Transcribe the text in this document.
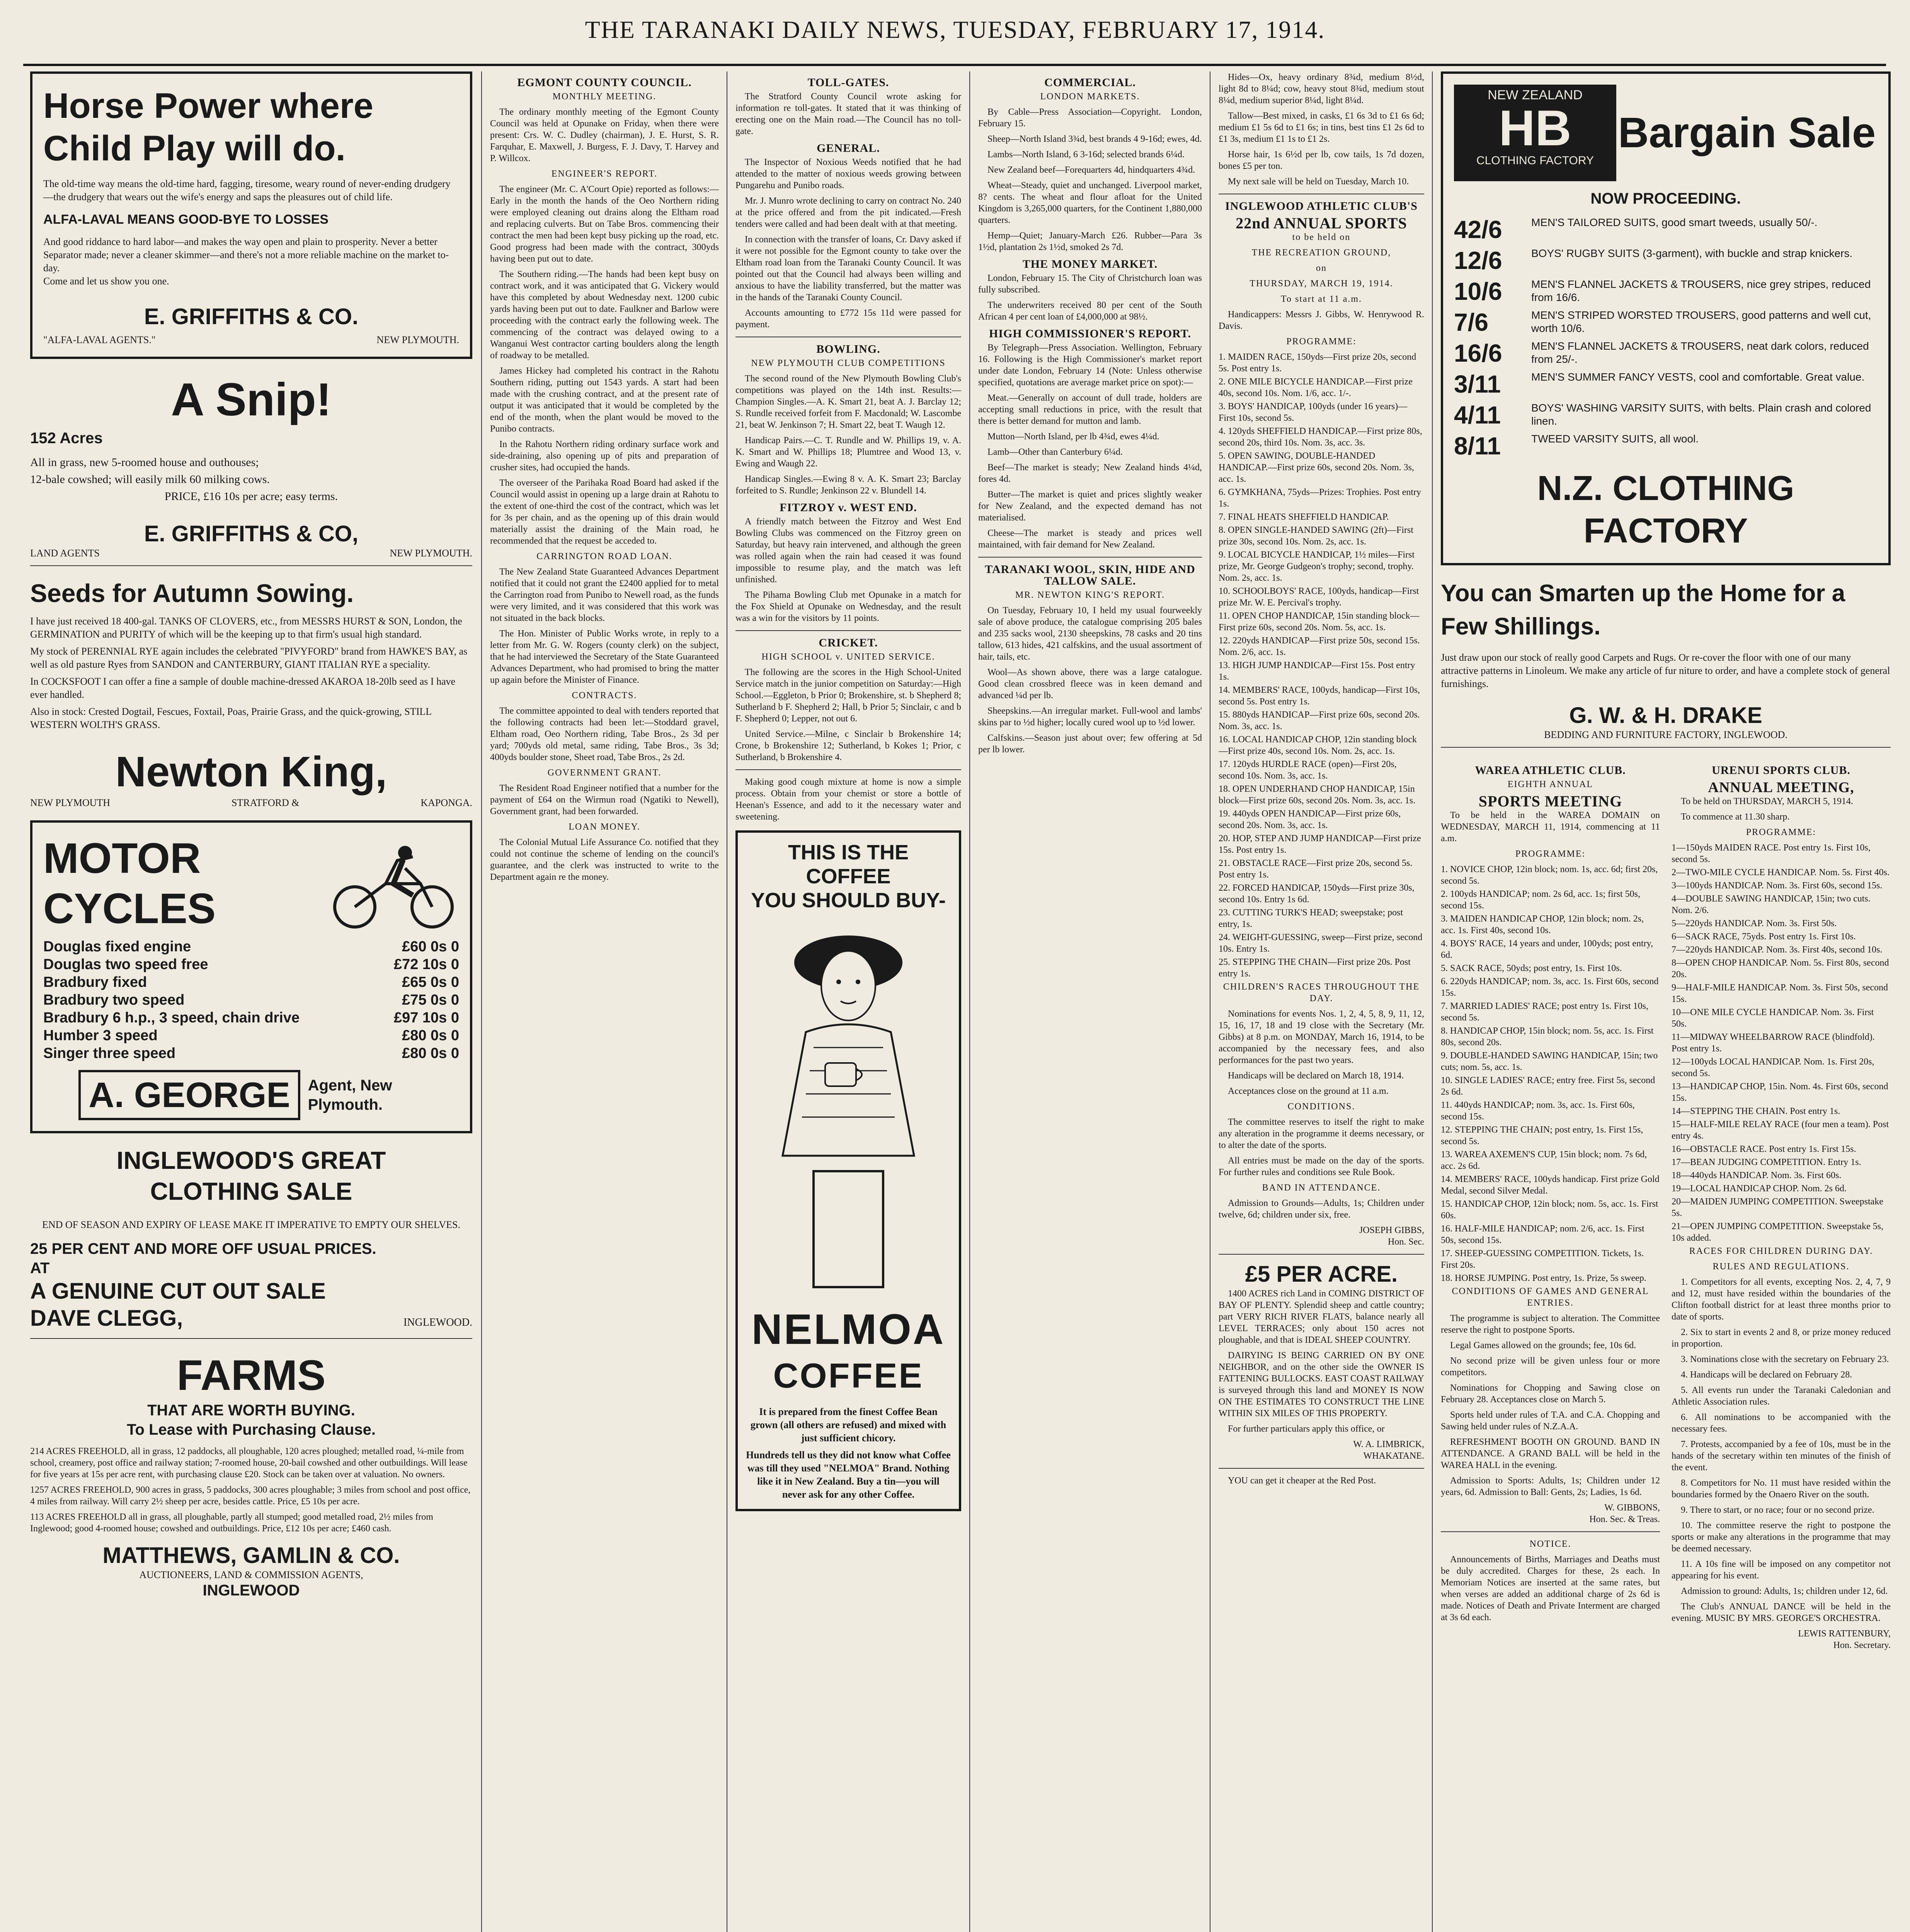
THE TARANAKI DAILY NEWS, TUESDAY, FEBRUARY 17, 1914.
Horse Power where Child Play will do.
The old-time way means the old-time hard, fagging, tiresome, weary round of never-ending drudgery—the drudgery that wears out the wife's energy and saps the pleasures out of child life.
ALFA-LAVAL MEANS GOOD-BYE TO LOSSES
And good riddance to hard labor—and makes the way open and plain to prosperity. Never a better Separator made; never a cleaner skimmer—and there's not a more reliable machine on the market to-day.
Come and let us show you one.
E. GRIFFITHS & CO.
"ALFA-LAVAL AGENTS."	NEW PLYMOUTH.
A Snip!
152 Acres
All in grass, new 5-roomed house and outhouses;
12-bale cowshed; will easily milk 60 milking cows.
PRICE, £16 10s per acre; easy terms.
E. GRIFFITHS & CO,
LAND AGENTS	NEW PLYMOUTH.
Seeds for Autumn Sowing.
I have just received 18 400-gal. TANKS OF CLOVERS, etc., from MESSRS HURST & SON, London, the GERMINATION and PURITY of which will be the keeping up to that firm's usual high standard.
My stock of PERENNIAL RYE again includes the celebrated "PIVYFORD" brand from HAWKE'S BAY, as well as old pasture Ryes from SANDON and CANTERBURY, GIANT ITALIAN RYE a speciality.
In COCKSFOOT I can offer a fine a sample of double machine-dressed AKAROA 18-20lb seed as I have ever handled.
Also in stock: Crested Dogtail, Fescues, Foxtail, Poas, Prairie Grass, and the quick-growing, STILL WESTERN WOLTH'S GRASS.
Newton King,
NEW PLYMOUTH	STRATFORD &	KAPONGA.
MOTOR CYCLES
Douglas fixed engine	£60 0s 0
Douglas two speed free	£72 10s 0
Bradbury fixed	£65 0s 0
Bradbury two speed	£75 0s 0
Bradbury 6 h.p., 3 speed, chain drive	£97 10s 0
Humber 3 speed	£80 0s 0
Singer three speed	£80 0s 0
A. GEORGE	Agent, New Plymouth.
INGLEWOOD'S GREAT
CLOTHING SALE
END OF SEASON AND EXPIRY OF LEASE MAKE IT IMPERATIVE TO EMPTY OUR SHELVES.
25 PER CENT AND MORE OFF USUAL PRICES.
AT
A GENUINE CUT OUT SALE
DAVE CLEGG,	INGLEWOOD.
FARMS
THAT ARE WORTH BUYING.
To Lease with Purchasing Clause.
214 ACRES FREEHOLD, all in grass, 12 paddocks, all ploughable, 120 acres ploughed; metalled road, ¼-mile from school, creamery, post office and railway station; 7-roomed house, 20-bail cowshed and other outbuildings. Will lease for five years at 15s per acre rent, with purchasing clause £20. Stock can be taken over at valuation. No owners.
1257 ACRES FREEHOLD, 900 acres in grass, 5 paddocks, 300 acres ploughable; 3 miles from school and post office, 4 miles from railway. Will carry 2½ sheep per acre, besides cattle. Price, £5 10s per acre.
113 ACRES FREEHOLD all in grass, all ploughable, partly all stumped; good metalled road, 2½ miles from Inglewood; good 4-roomed house; cowshed and outbuildings. Price, £12 10s per acre; £460 cash.
MATTHEWS, GAMLIN & CO.
AUCTIONEERS, LAND & COMMISSION AGENTS,
INGLEWOOD
EGMONT COUNTY COUNCIL.
MONTHLY MEETING.
The ordinary monthly meeting of the Egmont County Council was held at Opunake on Friday, when there were present: Crs. W. C. Dudley (chairman), J. E. Hurst, S. R. Farquhar, E. Maxwell, J. Burgess, F. J. Davy, T. Harvey and P. Willcox.
ENGINEER'S REPORT.
The engineer (Mr. C. A'Court Opie) reported as follows:—Early in the month the hands of the Oeo Northern riding were employed cleaning out drains along the Eltham road and replacing culverts. But on Tabe Bros. commencing their contract the men had been kept busy picking up the road, etc. Good progress had been made with the contract, 300yds having been put out to date.
The Southern riding.—The hands had been kept busy on contract work, and it was anticipated that G. Vickery would have this completed by about Wednesday next. 1200 cubic yards having been put out to date. Faulkner and Barlow were proceeding with the contract early the following week. The commencing of the contract was delayed owing to a Wanganui West contractor carting boulders along the length of roadway to be metalled.
James Hickey had completed his contract in the Rahotu Southern riding, putting out 1543 yards. A start had been made with the crushing contract, and at the present rate of output it was anticipated that it would be completed by the end of the month, when the plant would be moved to the Punibo contracts.
In the Rahotu Northern riding ordinary surface work and side-draining, also opening up of pits and preparation of crusher sites, had occupied the hands.
The overseer of the Parihaka Road Board had asked if the Council would assist in opening up a large drain at Rahotu to the extent of one-third the cost of the contract, which was let for 3s per chain, and as the opening up of this drain would materially assist the draining of the Main road, he recommended that the request be acceded to.
CARRINGTON ROAD LOAN.
The New Zealand State Guaranteed Advances Department notified that it could not grant the £2400 applied for to metal the Carrington road from Punibo to Newell road, as the funds were very limited, and it was considered that this work was not situated in the back blocks.
The Hon. Minister of Public Works wrote, in reply to a letter from Mr. G. W. Rogers (county clerk) on the subject, that he had interviewed the Secretary of the State Guaranteed Advances Department, who had promised to bring the matter up again before the Minister of Finance.
CONTRACTS.
The committee appointed to deal with tenders reported that the following contracts had been let:—Stoddard gravel, Eltham road, Oeo Northern riding, Tabe Bros., 2s 3d per yard; 700yds old metal, same riding, Tabe Bros., 3s 3d; 400yds boulder stone, Sheet road, Tabe Bros., 2s 2d.
GOVERNMENT GRANT.
The Resident Road Engineer notified that a number for the payment of £64 on the Wirmun road (Ngatiki to Newell), Government grant, had been forwarded.
LOAN MONEY.
The Colonial Mutual Life Assurance Co. notified that they could not continue the scheme of lending on the council's guarantee, and the clerk was instructed to write to the Department again re the money.
TOLL-GATES.
The Stratford County Council wrote asking for information re toll-gates. It stated that it was thinking of erecting one on the Main road.—The Council has no toll-gate.
GENERAL.
The Inspector of Noxious Weeds notified that he had attended to the matter of noxious weeds growing between Pungarehu and Punibo roads.
Mr. J. Munro wrote declining to carry on contract No. 240 at the price offered and from the pit indicated.—Fresh tenders were called and had been dealt with at that meeting.
In connection with the transfer of loans, Cr. Davy asked if it were not possible for the Egmont county to take over the Eltham road loan from the Taranaki County Council. It was pointed out that the Council had always been willing and anxious to have the liability transferred, but the matter was in the hands of the Taranaki County Council.
Accounts amounting to £772 15s 11d were passed for payment.
BOWLING.
NEW PLYMOUTH CLUB COMPETITIONS
The second round of the New Plymouth Bowling Club's competitions was played on the 14th inst. Results:—Champion Singles.—A. K. Smart 21, beat A. J. Barclay 12; S. Rundle received forfeit from F. Macdonald; W. Lascombe 21, beat W. Jenkinson 7; H. Smart 22, beat T. Waugh 12.
Handicap Pairs.—C. T. Rundle and W. Phillips 19, v. A. K. Smart and W. Phillips 18; Plumtree and Wood 13, v. Ewing and Waugh 22.
Handicap Singles.—Ewing 8 v. A. K. Smart 23; Barclay forfeited to S. Rundle; Jenkinson 22 v. Blundell 14.
FITZROY v. WEST END.
A friendly match between the Fitzroy and West End Bowling Clubs was commenced on the Fitzroy green on Saturday, but heavy rain intervened, and although the green was rolled again when the rain had ceased it was found impossible to resume play, and the match was left unfinished.
The Pihama Bowling Club met Opunake in a match for the Fox Shield at Opunake on Wednesday, and the result was a win for the visitors by 11 points.
CRICKET.
HIGH SCHOOL v. UNITED SERVICE.
The following are the scores in the High School-United Service match in the junior competition on Saturday:—High School.—Eggleton, b Prior 0; Brokenshire, st. b Shepherd 8; Sutherland b F. Shepherd 2; Hall, b Prior 5; Sinclair, c and b F. Shepherd 0; Lepper, not out 6.
United Service.—Milne, c Sinclair b Brokenshire 14; Crone, b Brokenshire 12; Sutherland, b Kokes 1; Prior, c Sutherland, b Brokenshire 4.
Making good cough mixture at home is now a simple process. Obtain from your chemist or store a bottle of Heenan's Essence, and add to it the necessary water and sweetening.
THIS IS THE COFFEE
YOU SHOULD BUY-
NELMOA
COFFEE
It is prepared from the finest Coffee Bean grown (all others are refused) and mixed with just sufficient chicory.
Hundreds tell us they did not know what Coffee was till they used "NELMOA" Brand. Nothing like it in New Zealand. Buy a tin—you will never ask for any other Coffee.
COMMERCIAL.
LONDON MARKETS.
By Cable—Press Association—Copyright. London, February 15.
Sheep—North Island 3¾d, best brands 4 9-16d; ewes, 4d.
Lambs—North Island, 6 3-16d; selected brands 6¼d.
New Zealand beef—Forequarters 4d, hindquarters 4¾d.
Wheat—Steady, quiet and unchanged. Liverpool market, 8? cents. The wheat and flour afloat for the United Kingdom is 3,265,000 quarters, for the Continent 1,880,000 quarters.
Hemp—Quiet; January-March £26. Rubber—Para 3s 1½d, plantation 2s 1½d, smoked 2s 7d.
THE MONEY MARKET.
London, February 15. The City of Christchurch loan was fully subscribed.
The underwriters received 80 per cent of the South African 4 per cent loan of £4,000,000 at 98½.
HIGH COMMISSIONER'S REPORT.
By Telegraph—Press Association. Wellington, February 16. Following is the High Commissioner's market report under date London, February 14 (Note: Unless otherwise specified, quotations are average market price on spot):—
Meat.—Generally on account of dull trade, holders are accepting small reductions in price, with the result that there is better demand for mutton and lamb.
Mutton—North Island, per lb 4¾d, ewes 4¼d.
Lamb—Other than Canterbury 6¼d.
Beef—The market is steady; New Zealand hinds 4¼d, fores 4d.
Butter—The market is quiet and prices slightly weaker for New Zealand, and the expected demand has not materialised.
Cheese—The market is steady and prices well maintained, with fair demand for New Zealand.
TARANAKI WOOL, SKIN, HIDE AND TALLOW SALE.
MR. NEWTON KING'S REPORT.
On Tuesday, February 10, I held my usual fourweekly sale of above produce, the catalogue comprising 205 bales and 235 sacks wool, 2130 sheepskins, 78 casks and 20 tins tallow, 613 hides, 421 calfskins, and the usual assortment of hair, tails, etc.
Wool—As shown above, there was a large catalogue. Good clean crossbred fleece was in keen demand and advanced ¼d per lb.
Sheepskins.—An irregular market. Full-wool and lambs' skins par to ½d higher; locally cured wool up to ½d lower.
Calfskins.—Season just about over; few offering at 5d per lb lower.
Hides—Ox, heavy ordinary 8¾d, medium 8½d, light 8d to 8¼d; cow, heavy stout 8¾d, medium stout 8¼d, medium superior 8¼d, light 8¼d.
Tallow—Best mixed, in casks, £1 6s 3d to £1 6s 6d; medium £1 5s 6d to £1 6s; in tins, best tins £1 2s 6d to £1 3s, medium £1 1s to £1 2s.
Horse hair, 1s 6½d per lb, cow tails, 1s 7d dozen, bones £5 per ton.
My next sale will be held on Tuesday, March 10.
INGLEWOOD ATHLETIC CLUB'S
22nd ANNUAL SPORTS
to be held on
THE RECREATION GROUND,
on
THURSDAY, MARCH 19, 1914.
To start at 11 a.m.
Handicappers: Messrs J. Gibbs, W. Henrywood R. Davis.
PROGRAMME:
1. MAIDEN RACE, 150yds—First prize 20s, second 5s. Post entry 1s.
2. ONE MILE BICYCLE HANDICAP.—First prize 40s, second 10s. Nom. 1/6, acc. 1/-.
3. BOYS' HANDICAP, 100yds (under 16 years)—First 10s, second 5s.
4. 120yds SHEFFIELD HANDICAP.—First prize 80s, second 20s, third 10s. Nom. 3s, acc. 3s.
5. OPEN SAWING, DOUBLE-HANDED HANDICAP.—First prize 60s, second 20s. Nom. 3s, acc. 1s.
6. GYMKHANA, 75yds—Prizes: Trophies. Post entry 1s.
7. FINAL HEATS SHEFFIELD HANDICAP.
8. OPEN SINGLE-HANDED SAWING (2ft)—First prize 30s, second 10s. Nom. 2s, acc. 1s.
9. LOCAL BICYCLE HANDICAP, 1½ miles—First prize, Mr. George Gudgeon's trophy; second, trophy. Nom. 2s, acc. 1s.
10. SCHOOLBOYS' RACE, 100yds, handicap—First prize Mr. W. E. Percival's trophy.
11. OPEN CHOP HANDICAP, 15in standing block—First prize 60s, second 20s. Nom. 5s, acc. 1s.
12. 220yds HANDICAP—First prize 50s, second 15s. Nom. 2/6, acc. 1s.
13. HIGH JUMP HANDICAP—First 15s. Post entry 1s.
14. MEMBERS' RACE, 100yds, handicap—First 10s, second 5s. Post entry 1s.
15. 880yds HANDICAP—First prize 60s, second 20s. Nom. 3s, acc. 1s.
16. LOCAL HANDICAP CHOP, 12in standing block—First prize 40s, second 10s. Nom. 2s, acc. 1s.
17. 120yds HURDLE RACE (open)—First 20s, second 10s. Nom. 3s, acc. 1s.
18. OPEN UNDERHAND CHOP HANDICAP, 15in block—First prize 60s, second 20s. Nom. 3s, acc. 1s.
19. 440yds OPEN HANDICAP—First prize 60s, second 20s. Nom. 3s, acc. 1s.
20. HOP, STEP AND JUMP HANDICAP—First prize 15s. Post entry 1s.
21. OBSTACLE RACE—First prize 20s, second 5s. Post entry 1s.
22. FORCED HANDICAP, 150yds—First prize 30s, second 10s. Entry 1s 6d.
23. CUTTING TURK'S HEAD; sweepstake; post entry, 1s.
24. WEIGHT-GUESSING, sweep—First prize, second 10s. Entry 1s.
25. STEPPING THE CHAIN—First prize 20s. Post entry 1s.
CHILDREN'S RACES THROUGHOUT THE DAY.
Nominations for events Nos. 1, 2, 4, 5, 8, 9, 11, 12, 15, 16, 17, 18 and 19 close with the Secretary (Mr. Gibbs) at 8 p.m. on MONDAY, March 16, 1914, to be accompanied by the necessary fees, and also performances for the past two years.
Handicaps will be declared on March 18, 1914.
Acceptances close on the ground at 11 a.m.
CONDITIONS.
The committee reserves to itself the right to make any alteration in the programme it deems necessary, or to alter the date of the sports.
All entries must be made on the day of the sports. For further rules and conditions see Rule Book.
BAND IN ATTENDANCE.
Admission to Grounds—Adults, 1s; Children under twelve, 6d; children under six, free.
JOSEPH GIBBS,
Hon. Sec.
£5 PER ACRE.
1400 ACRES rich Land in COMING DISTRICT OF BAY OF PLENTY. Splendid sheep and cattle country; part VERY RICH RIVER FLATS, balance nearly all LEVEL TERRACES; only about 150 acres not ploughable, and that is IDEAL SHEEP COUNTRY.
DAIRYING IS BEING CARRIED ON BY ONE NEIGHBOR, and on the other side the OWNER IS FATTENING BULLOCKS. EAST COAST RAILWAY is surveyed through this land and MONEY IS NOW ON THE ESTIMATES TO CONSTRUCT THE LINE WITHIN SIX MILES OF THIS PROPERTY.
For further particulars apply this office, or
W. A. LIMBRICK,
WHAKATANE.
YOU can get it cheaper at the Red Post.
NEW ZEALAND
HB
CLOTHING FACTORY
Bargain Sale
NOW PROCEEDING.
42/6	MEN'S TAILORED SUITS, good smart tweeds, usually 50/-.
12/6	BOYS' RUGBY SUITS (3-garment), with buckle and strap knickers.
10/6	MEN'S FLANNEL JACKETS & TROUSERS, nice grey stripes, reduced from 16/6.
7/6	MEN'S STRIPED WORSTED TROUSERS, good patterns and well cut, worth 10/6.
16/6	MEN'S FLANNEL JACKETS & TROUSERS, neat dark colors, reduced from 25/-.
3/11	MEN'S SUMMER FANCY VESTS, cool and comfortable. Great value.
4/11	BOYS' WASHING VARSITY SUITS, with belts. Plain crash and colored linen.
8/11	TWEED VARSITY SUITS, all wool.
N.Z. CLOTHING FACTORY
You can Smarten up the Home for a Few Shillings.
Just draw upon our stock of really good Carpets and Rugs. Or re-cover the floor with one of our many attractive patterns in Linoleum. We make any article of fur niture to order, and have a complete stock of general furnishings.
G. W. & H. DRAKE
BEDDING AND FURNITURE FACTORY, INGLEWOOD.
WAREA ATHLETIC CLUB.
EIGHTH ANNUAL
SPORTS MEETING
To be held in the WAREA DOMAIN on WEDNESDAY, MARCH 11, 1914, commencing at 11 a.m.
PROGRAMME:
1. NOVICE CHOP, 12in block; nom. 1s, acc. 6d; first 20s, second 5s.
2. 100yds HANDICAP; nom. 2s 6d, acc. 1s; first 50s, second 15s.
3. MAIDEN HANDICAP CHOP, 12in block; nom. 2s, acc. 1s. First 40s, second 10s.
4. BOYS' RACE, 14 years and under, 100yds; post entry, 6d.
5. SACK RACE, 50yds; post entry, 1s. First 10s.
6. 220yds HANDICAP; nom. 3s, acc. 1s. First 60s, second 15s.
7. MARRIED LADIES' RACE; post entry 1s. First 10s, second 5s.
8. HANDICAP CHOP, 15in block; nom. 5s, acc. 1s. First 80s, second 20s.
9. DOUBLE-HANDED SAWING HANDICAP, 15in; two cuts; nom. 5s, acc. 1s.
10. SINGLE LADIES' RACE; entry free. First 5s, second 2s 6d.
11. 440yds HANDICAP; nom. 3s, acc. 1s. First 60s, second 15s.
12. STEPPING THE CHAIN; post entry, 1s. First 15s, second 5s.
13. WAREA AXEMEN'S CUP, 15in block; nom. 7s 6d, acc. 2s 6d.
14. MEMBERS' RACE, 100yds handicap. First prize Gold Medal, second Silver Medal.
15. HANDICAP CHOP, 12in block; nom. 5s, acc. 1s. First 60s.
16. HALF-MILE HANDICAP; nom. 2/6, acc. 1s. First 50s, second 15s.
17. SHEEP-GUESSING COMPETITION. Tickets, 1s. First 20s.
18. HORSE JUMPING. Post entry, 1s. Prize, 5s sweep.
CONDITIONS OF GAMES AND GENERAL ENTRIES.
The programme is subject to alteration. The Committee reserve the right to postpone Sports.
Legal Games allowed on the grounds; fee, 10s 6d.
No second prize will be given unless four or more competitors.
Nominations for Chopping and Sawing close on February 28. Acceptances close on March 5.
Sports held under rules of T.A. and C.A. Chopping and Sawing held under rules of N.Z.A.A.
REFRESHMENT BOOTH ON GROUND. BAND IN ATTENDANCE. A GRAND BALL will be held in the WAREA HALL in the evening.
Admission to Sports: Adults, 1s; Children under 12 years, 6d. Admission to Ball: Gents, 2s; Ladies, 1s 6d.
W. GIBBONS,
Hon. Sec. & Treas.
NOTICE.
Announcements of Births, Marriages and Deaths must be duly accredited. Charges for these, 2s each. In Memoriam Notices are inserted at the same rates, but when verses are added an additional charge of 2s 6d is made. Notices of Death and Private Interment are charged at 3s 6d each.
URENUI SPORTS CLUB.
ANNUAL MEETING,
To be held on THURSDAY, MARCH 5, 1914.
To commence at 11.30 sharp.
PROGRAMME:
1—150yds MAIDEN RACE. Post entry 1s. First 10s, second 5s.
2—TWO-MILE CYCLE HANDICAP. Nom. 5s. First 40s.
3—100yds HANDICAP. Nom. 3s. First 60s, second 15s.
4—DOUBLE SAWING HANDICAP, 15in; two cuts. Nom. 2/6.
5—220yds HANDICAP. Nom. 3s. First 50s.
6—SACK RACE, 75yds. Post entry 1s. First 10s.
7—220yds HANDICAP. Nom. 3s. First 40s, second 10s.
8—OPEN CHOP HANDICAP. Nom. 5s. First 80s, second 20s.
9—HALF-MILE HANDICAP. Nom. 3s. First 50s, second 15s.
10—ONE MILE CYCLE HANDICAP. Nom. 3s. First 50s.
11—MIDWAY WHEELBARROW RACE (blindfold). Post entry 1s.
12—100yds LOCAL HANDICAP. Nom. 1s. First 20s, second 5s.
13—HANDICAP CHOP, 15in. Nom. 4s. First 60s, second 15s.
14—STEPPING THE CHAIN. Post entry 1s.
15—HALF-MILE RELAY RACE (four men a team). Post entry 4s.
16—OBSTACLE RACE. Post entry 1s. First 15s.
17—BEAN JUDGING COMPETITION. Entry 1s.
18—440yds HANDICAP. Nom. 3s. First 60s.
19—LOCAL HANDICAP CHOP. Nom. 2s 6d.
20—MAIDEN JUMPING COMPETITION. Sweepstake 5s.
21—OPEN JUMPING COMPETITION. Sweepstake 5s, 10s added.
RACES FOR CHILDREN DURING DAY.
RULES AND REGULATIONS.
1. Competitors for all events, excepting Nos. 2, 4, 7, 9 and 12, must have resided within the boundaries of the Clifton football district for at least three months prior to date of sports.
2. Six to start in events 2 and 8, or prize money reduced in proportion.
3. Nominations close with the secretary on February 23.
4. Handicaps will be declared on February 28.
5. All events run under the Taranaki Caledonian and Athletic Association rules.
6. All nominations to be accompanied with the necessary fees.
7. Protests, accompanied by a fee of 10s, must be in the hands of the secretary within ten minutes of the finish of the event.
8. Competitors for No. 11 must have resided within the boundaries formed by the Onaero River on the south.
9. There to start, or no race; four or no second prize.
10. The committee reserve the right to postpone the sports or make any alterations in the programme that may be deemed necessary.
11. A 10s fine will be imposed on any competitor not appearing for his event.
Admission to ground: Adults, 1s; children under 12, 6d.
The Club's ANNUAL DANCE will be held in the evening. MUSIC BY MRS. GEORGE'S ORCHESTRA.
LEWIS RATTENBURY,
Hon. Secretary.
